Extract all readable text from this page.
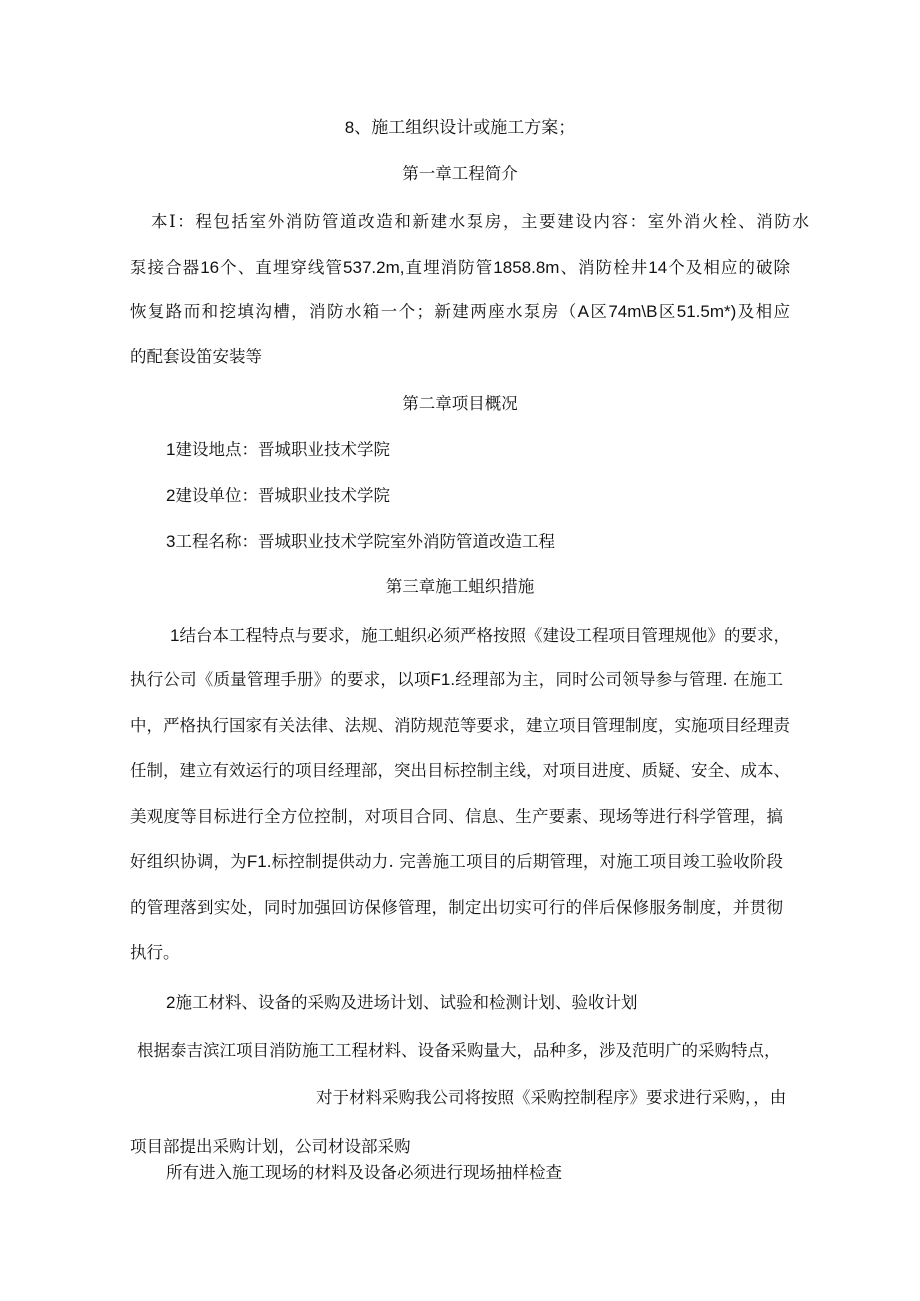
8、施工组织设计或施工方案；
第一章工程简介
本I：程包括室外消防管道改造和新建水泵房，主要建设内容：室外消火栓、消防水
泵接合器16个、直埋穿线管537.2m,直埋消防管1858.8m、消防栓井14个及相应的破除
恢复路而和挖填沟槽，消防水箱一个；新建两座水泵房（A区74m\B区51.5m*)及相应
的配套设笛安装等
第二章项目概况
1建设地点：晋城职业技术学院
2建设单位：晋城职业技术学院
3工程名称：晋城职业技术学院室外消防管道改造工程
第三章施工蛆织措施
1结台本工程特点与要求，施工蛆织必须严格按照《建设工程项目管理规他》的要求，
执行公司《质量管理手册》的要求，以项F1.经理部为主，同时公司领导参与管理. 在施工
中，严格执行国家有关法律、法规、消防规范等要求，建立项目管理制度，实施项目经理责
任制，建立有效运行的项目经理部，突出目标控制主线，对项目进度、质疑、安全、成本、
美观度等目标进行全方位控制，对项目合同、信息、生产要素、现场等进行科学管理，搞
好组织协调，为F1.标控制提供动力. 完善施工项目的后期管理，对施工项目竣工验收阶段
的管理落到实处，同时加强回访保修管理，制定出切实可行的伴后保修服务制度，并贯彻
执行。
2施工材料、设备的采购及进场计划、试验和检测计划、验收计划
根据泰吉滨江项目消防施工工程材料、设备采购量大，品种多，涉及范明广的采购特点，
对于材料采购我公司将按照《采购控制程序》要求进行采购，，由
项目部提出采购计划，公司材设部采购
所有进入施工现场的材料及设备必须进行现场抽样检查
